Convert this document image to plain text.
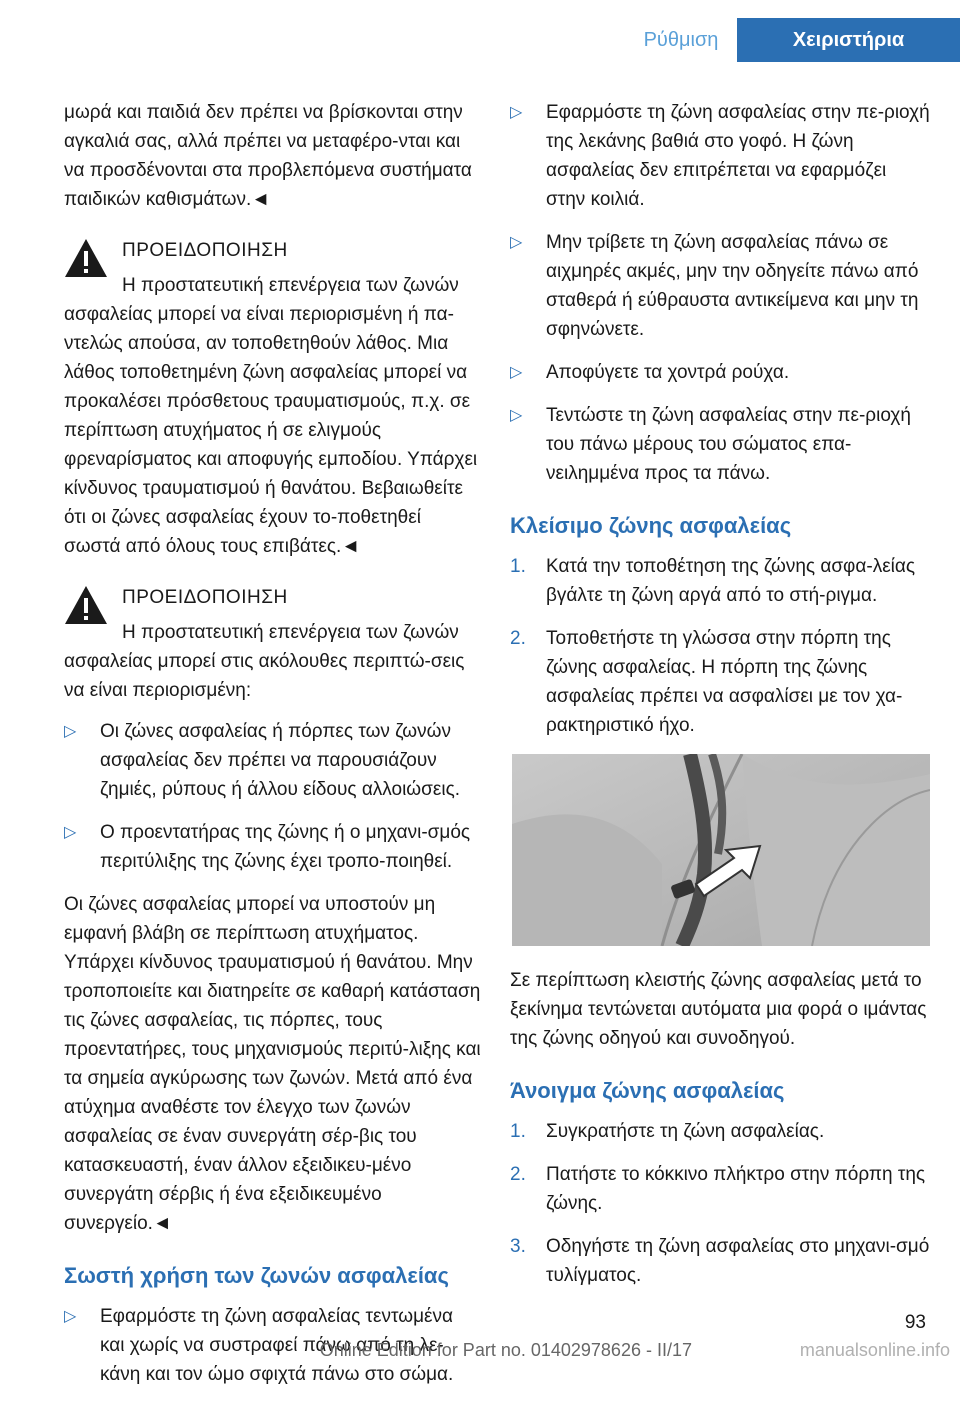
Ρύθμιση	Χειριστήρια

μωρά και παιδιά δεν πρέπει να βρίσκονται στην αγκαλιά σας, αλλά πρέπει να μεταφέρο-νται και να προσδένονται στα προβλεπόμενα συστήματα παιδικών καθισμάτων.◄

ΠΡΟΕΙΔΟΠΟΙΗΣΗ

Η προστατευτική επενέργεια των ζωνών ασφαλείας μπορεί να είναι περιορισμένη ή πα-ντελώς απούσα, αν τοποθετηθούν λάθος. Μια λάθος τοποθετημένη ζώνη ασφαλείας μπορεί να προκαλέσει πρόσθετους τραυματισμούς, π.χ. σε περίπτωση ατυχήματος ή σε ελιγμούς φρεναρίσματος και αποφυγής εμποδίου. Υπάρχει κίνδυνος τραυματισμού ή θανάτου. Βεβαιωθείτε ότι οι ζώνες ασφαλείας έχουν το-ποθετηθεί σωστά από όλους τους επιβάτες.◄

ΠΡΟΕΙΔΟΠΟΙΗΣΗ

Η προστατευτική επενέργεια των ζωνών ασφαλείας μπορεί στις ακόλουθες περιπτώ-σεις να είναι περιορισμένη:

▷ Οι ζώνες ασφαλείας ή πόρπες των ζωνών ασφαλείας δεν πρέπει να παρουσιάζουν ζημιές, ρύπους ή άλλου είδους αλλοιώσεις.
▷ Ο προεντατήρας της ζώνης ή ο μηχανι-σμός περιτύλιξης της ζώνης έχει τροπο-ποιηθεί.

Οι ζώνες ασφαλείας μπορεί να υποστούν μη εμφανή βλάβη σε περίπτωση ατυχήματος. Υπάρχει κίνδυνος τραυματισμού ή θανάτου. Μην τροποποιείτε και διατηρείτε σε καθαρή κατάσταση τις ζώνες ασφαλείας, τις πόρπες, τους προεντατήρες, τους μηχανισμούς περιτύ-λιξης και τα σημεία αγκύρωσης των ζωνών. Μετά από ένα ατύχημα αναθέστε τον έλεγχο των ζωνών ασφαλείας σε έναν συνεργάτη σέρ-βις του κατασκευαστή, έναν άλλον εξειδικευ-μένο συνεργάτη σέρβις ή ένα εξειδικευμένο συνεργείο.◄

Σωστή χρήση των ζωνών ασφαλείας
▷ Εφαρμόστε τη ζώνη ασφαλείας τεντωμένα και χωρίς να συστραφεί πάνω από τη λε-κάνη και τον ώμο σφιχτά πάνω στο σώμα.
▷ Εφαρμόστε τη ζώνη ασφαλείας στην πε-ριοχή της λεκάνης βαθιά στο γοφό. Η ζώνη ασφαλείας δεν επιτρέπεται να εφαρμόζει στην κοιλιά.
▷ Μην τρίβετε τη ζώνη ασφαλείας πάνω σε αιχμηρές ακμές, μην την οδηγείτε πάνω από σταθερά ή εύθραυστα αντικείμενα και μην τη σφηνώνετε.
▷ Αποφύγετε τα χοντρά ρούχα.
▷ Τεντώστε τη ζώνη ασφαλείας στην πε-ριοχή του πάνω μέρους του σώματος επα-νειλημμένα προς τα πάνω.
Κλείσιμο ζώνης ασφαλείας
1. Κατά την τοποθέτηση της ζώνης ασφα-λείας βγάλτε τη ζώνη αργά από το στή-ριγμα.
2. Τοποθετήστε τη γλώσσα στην πόρπη της ζώνης ασφαλείας. Η πόρπη της ζώνης ασφαλείας πρέπει να ασφαλίσει με τον χα-ρακτηριστικό ήχο.

Σε περίπτωση κλειστής ζώνης ασφαλείας μετά το ξεκίνημα τεντώνεται αυτόματα μια φορά ο ιμάντας της ζώνης οδηγού και συνοδηγού.

Άνοιγμα ζώνης ασφαλείας
1. Συγκρατήστε τη ζώνη ασφαλείας.
2. Πατήστε το κόκκινο πλήκτρο στην πόρπη της ζώνης.
3. Οδηγήστε τη ζώνη ασφαλείας στο μηχανι-σμό τυλίγματος.
93
Online Edition for Part no. 01402978626 - II/17	manualsonline.info
